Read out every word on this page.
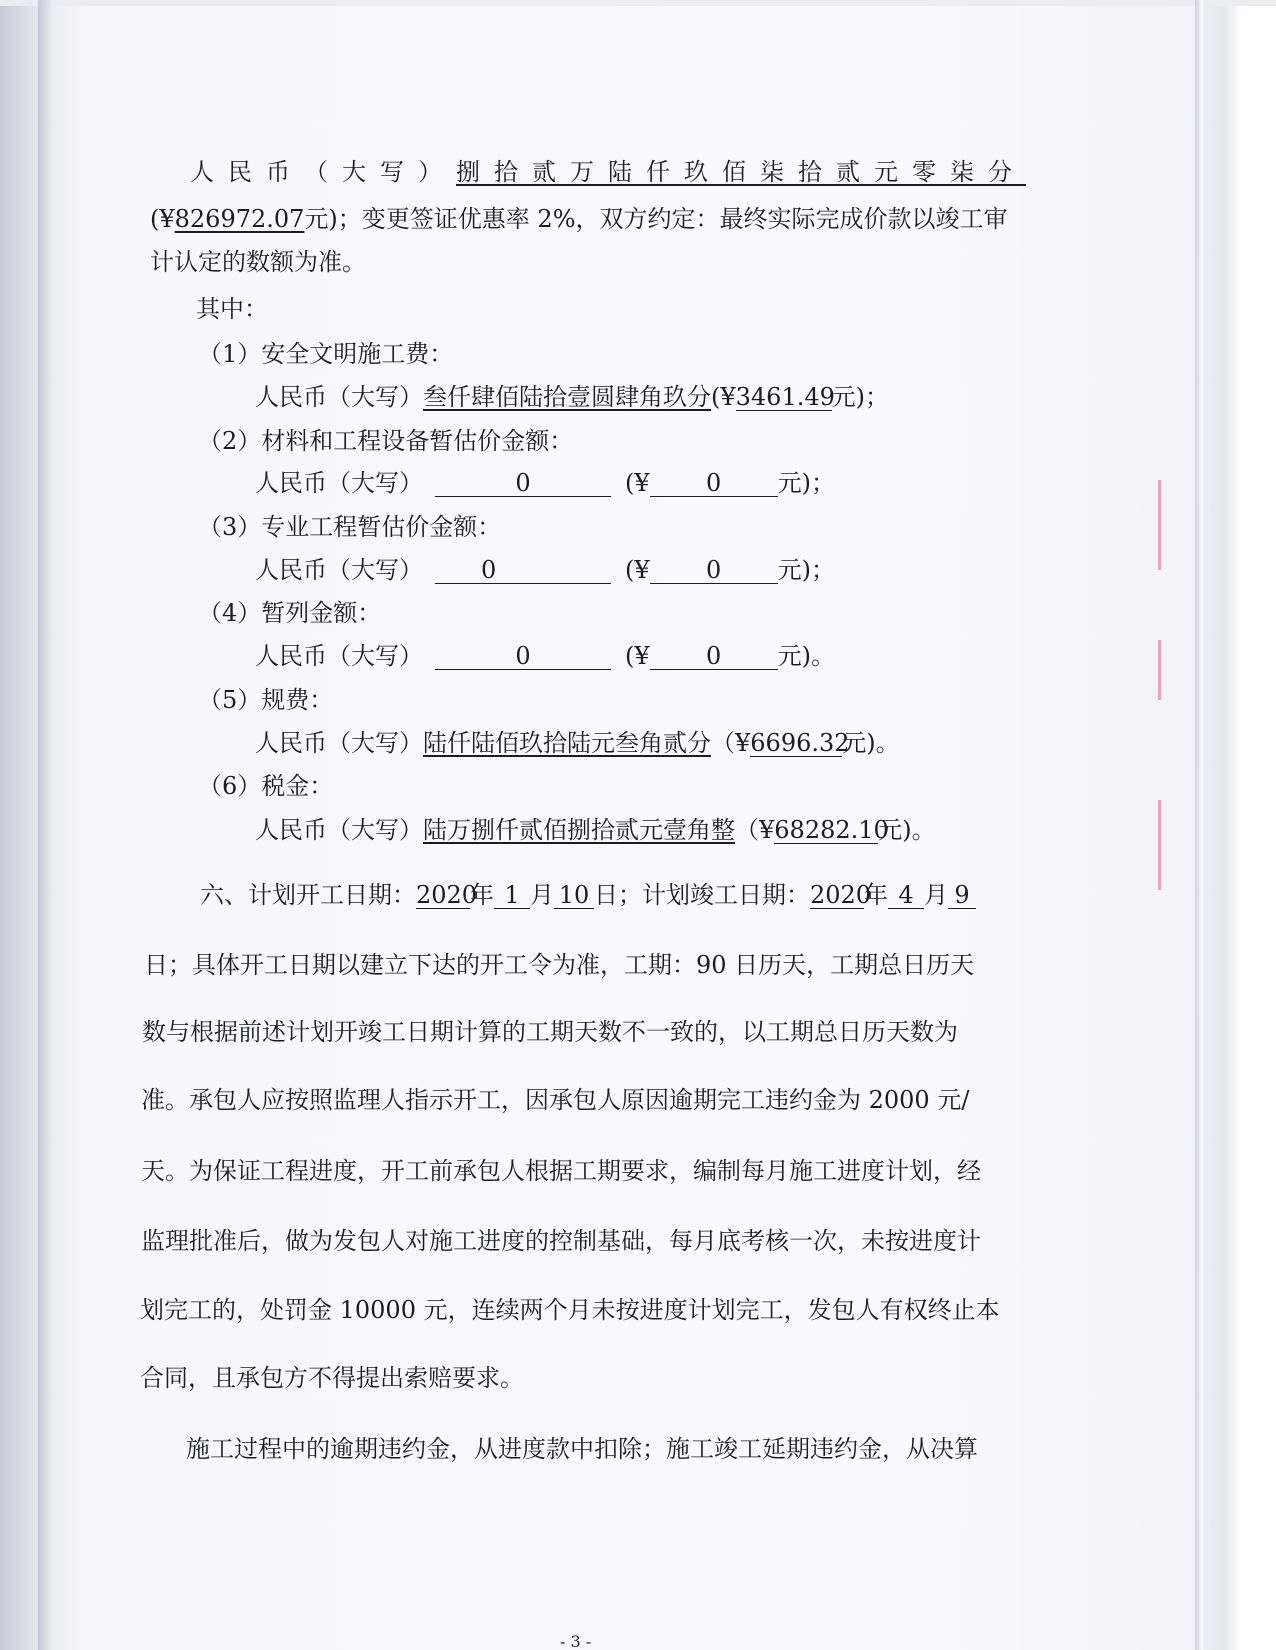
人民币（大写）捌拾贰万陆仟玖佰柒拾贰元零柒分
(¥826972.07元)；变更签证优惠率 2%，双方约定：最终实际完成价款以竣工审
计认定的数额为准。
其中：
（1）安全文明施工费：
人民币（大写）叁仟肆佰陆拾壹圆肆角玖分(¥3461.49元)；
（2）材料和工程设备暂估价金额：
人民币（大写）	0	(¥ 0 元)；
（3）专业工程暂估价金额：
人民币（大写） 0	(¥ 0 元)；
（4）暂列金额：
人民币（大写）	0	(¥ 0 元)。
（5）规费：
人民币（大写）陆仟陆佰玖拾陆元叁角贰分（¥6696.32元)。
（6）税金：
人民币（大写）陆万捌仟贰佰捌拾贰元壹角整（¥68282.10元)。
六、计划开工日期：2020年 1 月 10 日；计划竣工日期：2020年 4 月 9
日；具体开工日期以建立下达的开工令为准，工期：90 日历天，工期总日历天
数与根据前述计划开竣工日期计算的工期天数不一致的，以工期总日历天数为
准。承包人应按照监理人指示开工，因承包人原因逾期完工违约金为 2000 元/
天。为保证工程进度，开工前承包人根据工期要求，编制每月施工进度计划，经
监理批准后，做为发包人对施工进度的控制基础，每月底考核一次，未按进度计
划完工的，处罚金 10000 元，连续两个月未按进度计划完工，发包人有权终止本
合同，且承包方不得提出索赔要求。
施工过程中的逾期违约金，从进度款中扣除；施工竣工延期违约金，从决算
- 3 -
